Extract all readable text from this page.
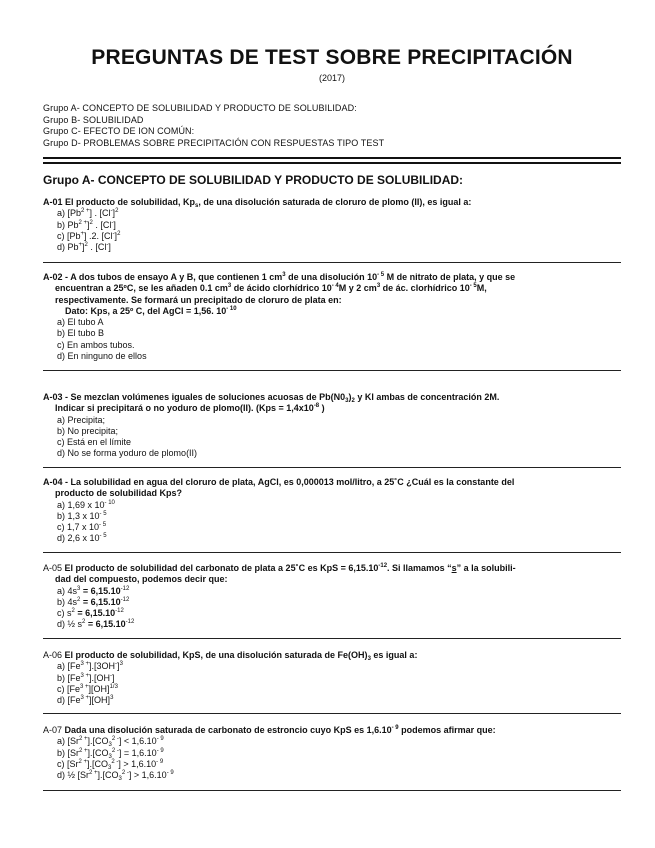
PREGUNTAS DE TEST SOBRE PRECIPITACIÓN
(2017)
Grupo A- CONCEPTO DE SOLUBILIDAD Y PRODUCTO DE SOLUBILIDAD:
Grupo B- SOLUBILIDAD
Grupo C- EFECTO DE ION COMÚN:
Grupo D- PROBLEMAS SOBRE PRECIPITACIÓN CON RESPUESTAS TIPO TEST
Grupo A- CONCEPTO DE SOLUBILIDAD Y PRODUCTO DE SOLUBILIDAD:
A-01 El producto de solubilidad, $Kp_s$, de una disolución saturada de cloruro de plomo (II), es igual a:
a) $[Pb^{2 +}]$ . $[Cl^-]^2$
b) $Pb^{2 +}]^2$ . [Cl-]
c) [Pb+] .2. $[Cl^-]^2$
d) Pb+]$^2$ . [Cl-]
A-02 - A dos tubos de ensayo A y B, que contienen 1 $cm^3$ de una disolución $10^{- 5}$ M de nitrato de plata, y que se
encuentran a 25ºC, se les añaden 0.1 $cm^3$ de ácido clorhídrico $10^{- 4}M$ y 2 $cm^3$ de ác. clorhídrico $10^{- 5}M$,
respectivamente. Se formará un precipitado de cloruro de plata en:
Dato: Kps, a 25º C, del AgCl = 1,56. $10^{- 10}$
a) El tubo A
b) El tubo B
c) En ambos tubos.
d) En ninguno de ellos
A-03 - Se mezclan volúmenes iguales de soluciones acuosas de $Pb(N0_3)_2$ y Kl ambas de concentración 2M.
Indicar si precipitará o no yoduro de plomo(II). ($Kps = 1,4x10^{-8}$ )
a) Precipita;
b) No precipita;
c) Está en el límite
d) No se forma yoduro de plomo(II)
A-04 - La solubilidad en agua del cloruro de plata, AgCl, es 0,000013 mol/litro, a 25˚C ¿Cuál es la constante del
producto de solubilidad Kps?
a) 1,69 x $10^{- 10}$
b) 1,3 x $10^{- 5}$
c) 1,7 x $10^{- 5}$
d) 2,6 x $10^{- 5}$
A-05 El producto de solubilidad del carbonato de plata a 25˚C es KpS = $6,15.10^{-12}$. Si llamamos “s” a la solubili-
dad del compuesto, podemos decir que:
a) $4s^3 = 6,15.10^{-12}$
b) $4s^2 = 6,15.10^{-12}$
c) $s^2 = 6,15.10^{-12}$
d) ½ $s^2 = 6,15.10^{-12}$
A-06 El producto de solubilidad, KpS, de una disolución saturada de $Fe(OH)_3$ es igual a:
a) $[Fe^{3 +}].[3OH^-]^3$
b) $[Fe^{3 +}].[OH^-]$
c) $[Fe^{3 +}][OH]^{1/3}$
d) $[Fe^{3 +}][OH]^3$
A-07 Dada una disolución saturada de carbonato de estroncio cuyo KpS es $1,6.10^{- 9}$ podemos afirmar que:
a) $[Sr^{2 +}].[CO_3^{2 -}] < 1,6.10^{- 9}$
b) $[Sr^{2 +}].[CO_3^{2 -}] = 1,6.10^{- 9}$
c) $[Sr^{2 +}].[CO_3^{2 -}] > 1,6.10^{- 9}$
d) ½ $[Sr^{2 +}].[CO_3^{2 -}] > 1,6.10^{- 9}$
